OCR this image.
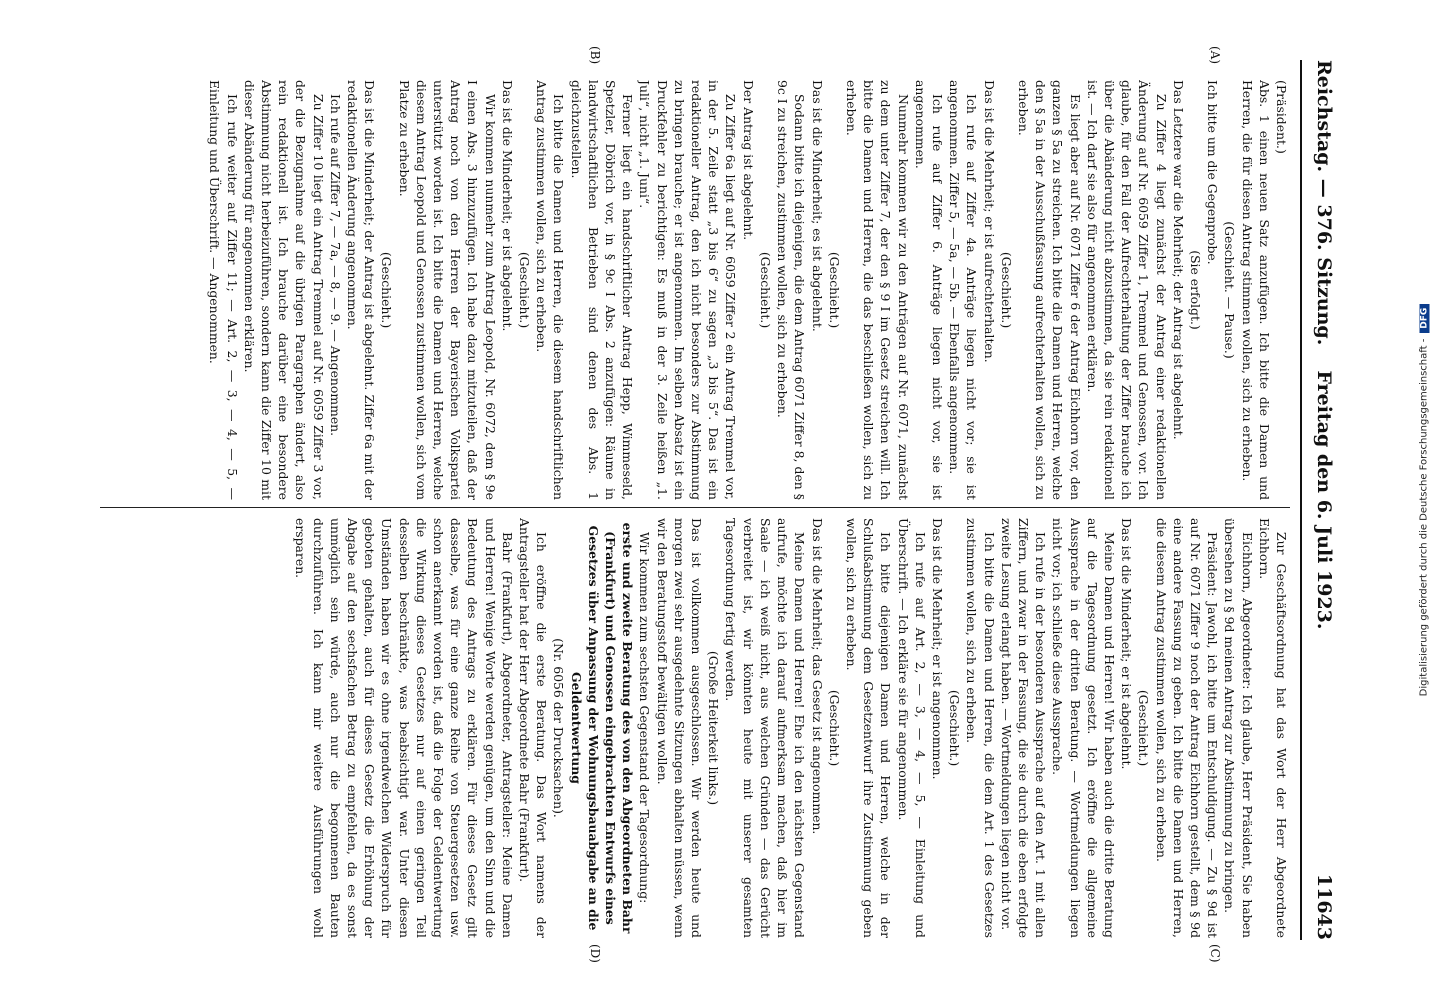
Reichstag. — 376. Sitzung.
Freitag den 6. Juli 1923.
11643
(A)
(B)
(C)
(D)

(Präsident.)

Abs. 1 einen neuen Satz anzufügen. Ich bitte die Damen und Herren, die für diesen Antrag stimmen wollen, sich zu erheben.

(Geschieht. — Pause.)

Ich bitte um die Gegenprobe.

(Sie erfolgt.)

Das Letztere war die Mehrheit; der Antrag ist abgelehnt.

Zu Ziffer 4 liegt zunächst der Antrag einer redaktionellen Änderung auf Nr. 6059 Ziffer 1, Tremmel und Genossen, vor. Ich glaube, für den Fall der Aufrechterhaltung der Ziffer brauche ich über die Abänderung nicht abzustimmen, da sie rein redaktionell ist. — Ich darf sie also für angenommen erklären.

Es liegt aber auf Nr. 6071 Ziffer 6 der Antrag Eichhorn vor, den ganzen § 5a zu streichen. Ich bitte die Damen und Herren, welche den § 5a in der Ausschußfassung aufrechterhalten wollen, sich zu erheben.

(Geschieht.)

Das ist die Mehrheit; er ist aufrechterhalten.

Ich rufe auf Ziffer 4a. Anträge liegen nicht vor; sie ist angenommen. Ziffer 5, — 5a, — 5b. — Ebenfalls angenommen.

Ich rufe auf Ziffer 6. Anträge liegen nicht vor, sie ist angenommen.

Nunmehr kommen wir zu den Anträgen auf Nr. 6071, zunächst zu dem unter Ziffer 7, der den § 9 I im Gesetz streichen will. Ich bitte die Damen und Herren, die das beschließen wollen, sich zu erheben.

(Geschieht.)

Das ist die Minderheit; es ist abgelehnt.

Sodann bitte ich diejenigen, die dem Antrag 6071 Ziffer 8, den § 9c I zu streichen, zustimmen wollen, sich zu erheben.

(Geschieht.)

Der Antrag ist abgelehnt.

Zu Ziffer 6a liegt auf Nr. 6059 Ziffer 2 ein Antrag Tremmel vor, in der 5. Zeile statt „3 bis 6“ zu sagen „3 bis 5“. Das ist ein redaktioneller Antrag, den ich nicht besonders zur Abstimmung zu bringen brauche; er ist angenommen. Im selben Absatz ist ein Druckfehler zu berichtigen: Es muß in der 3. Zeile heißen „1. Juli“, nicht „1. Juni“.

Ferner liegt ein handschriftlicher Antrag Hepp, Wimmeseld, Spetzler, Döbrich vor, in § 9c I Abs. 2 anzufügen: Räume in landwirtschaftlichen Betrieben sind denen des Abs. 1 gleichzustellen.

Ich bitte die Damen und Herren, die diesem handschriftlichen Antrag zustimmen wollen, sich zu erheben.

(Geschieht.)

Das ist die Minderheit; er ist abgelehnt.

Wir kommen nunmehr zum Antrag Leopold, Nr. 6072, dem § 9e I einen Abs. 3 hinzuzufügen. Ich habe dazu mitzuteilen, daß der Antrag noch von den Herren der Bayerischen Volkspartei unterstützt worden ist. Ich bitte die Damen und Herren, welche diesem Antrag Leopold und Genossen zustimmen wollen, sich vom Platze zu erheben.

(Geschieht.)

Das ist die Minderheit; der Antrag ist abgelehnt. Ziffer 6a mit der redaktionellen Änderung angenommen.

Ich rufe auf Ziffer 7, — 7a, — 8, — 9. — Angenommen.

Zu Ziffer 10 liegt ein Antrag Tremmel auf Nr. 6059 Ziffer 3 vor, der die Bezugnahme auf die übrigen Paragraphen ändert, also rein redaktionell ist. Ich brauche darüber eine besondere Abstimmung nicht herbeizuführen, sondern kann die Ziffer 10 mit dieser Abänderung für angenommen erklären.

Ich rufe weiter auf Ziffer 11; — Art. 2, — 3, — 4, — 5, — Einleitung und Überschrift. — Angenommen.

Zur Geschäftsordnung hat das Wort der Herr Abgeordnete Eichhorn.

Eichhorn, Abgeordneter: Ich glaube, Herr Präsident, Sie haben übersehen zu § 9d meinen Antrag zur Abstimmung zu bringen.

Präsident: Jawohl, ich bitte um Entschuldigung. — Zu § 9d ist auf Nr. 6071 Ziffer 9 noch der Antrag Eichhorn gestellt, dem § 9d eine andere Fassung zu geben. Ich bitte die Damen und Herren, die diesem Antrag zustimmen wollen, sich zu erheben.

(Geschieht.)

Das ist die Minderheit; er ist abgelehnt.

Meine Damen und Herren! Wir haben auch die dritte Beratung auf die Tagesordnung gesetzt. Ich eröffne die allgemeine Aussprache in der dritten Beratung. — Wortmeldungen liegen nicht vor; ich schließe diese Aussprache.

Ich rufe in der besonderen Aussprache auf den Art. 1 mit allen Ziffern, und zwar in der Fassung, die sie durch die eben erfolgte zweite Lesung erlangt haben. — Wortmeldungen liegen nicht vor.

Ich bitte die Damen und Herren, die dem Art. 1 des Gesetzes zustimmen wollen, sich zu erheben.

(Geschieht.)

Das ist die Mehrheit; er ist angenommen.

Ich rufe auf Art. 2, — 3, — 4, — 5, — Einleitung und Überschrift. — Ich erkläre sie für angenommen.

Ich bitte diejenigen Damen und Herren, welche in der Schlußabstimmung dem Gesetzentwurf ihre Zustimmung geben wollen, sich zu erheben.

(Geschieht.)

Das ist die Mehrheit; das Gesetz ist angenommen.

Meine Damen und Herren! Ehe ich den nächsten Gegenstand aufrufe, möchte ich darauf aufmerksam machen, daß hier im Saale — ich weiß nicht, aus welchen Gründen — das Gerücht verbreitet ist, wir könnten heute mit unserer gesamten Tagesordnung fertig werden.

(Große Heiterkeit links.)

Das ist vollkommen ausgeschlossen. Wir werden heute und morgen zwei sehr ausgedehnte Sitzungen abhalten müssen, wenn wir den Beratungsstoff bewältigen wollen.

Wir kommen zum sechsten Gegenstand der Tagesordnung:

erste und zweite Beratung des von den Abgeordneten Bahr (Frankfurt) und Genossen eingebrachten Entwurfs eines Gesetzes über Anpassung der Wohnungsbauabgabe an die Geldentwertung

(Nr. 6056 der Drucksachen).

Ich eröffne die erste Beratung. Das Wort namens der Antragsteller hat der Herr Abgeordnete Bahr (Frankfurt).

Bahr (Frankfurt), Abgeordneter, Antragsteller: Meine Damen und Herren! Wenige Worte werden genügen, um den Sinn und die Bedeutung des Antrags zu erklären. Für dieses Gesetz gilt dasselbe, was für eine ganze Reihe von Steuergesetzen usw. schon anerkannt worden ist, daß die Folge der Geldentwertung die Wirkung dieses Gesetzes nur auf einen geringen Teil desselben beschränkte, was beabsichtigt war. Unter diesen Umständen haben wir es ohne irgendwelchen Widerspruch für geboten gehalten, auch für dieses Gesetz die Erhöhung der Abgabe auf den sechsfachen Betrag zu empfehlen, da es sonst unmöglich sein würde, auch nur die begonnenen Bauten durchzuführen. Ich kann mir weitere Ausführungen wohl ersparen.	Digitalisierung gefördert durch die Deutsche Forschungsgemeinschaft -DFG
